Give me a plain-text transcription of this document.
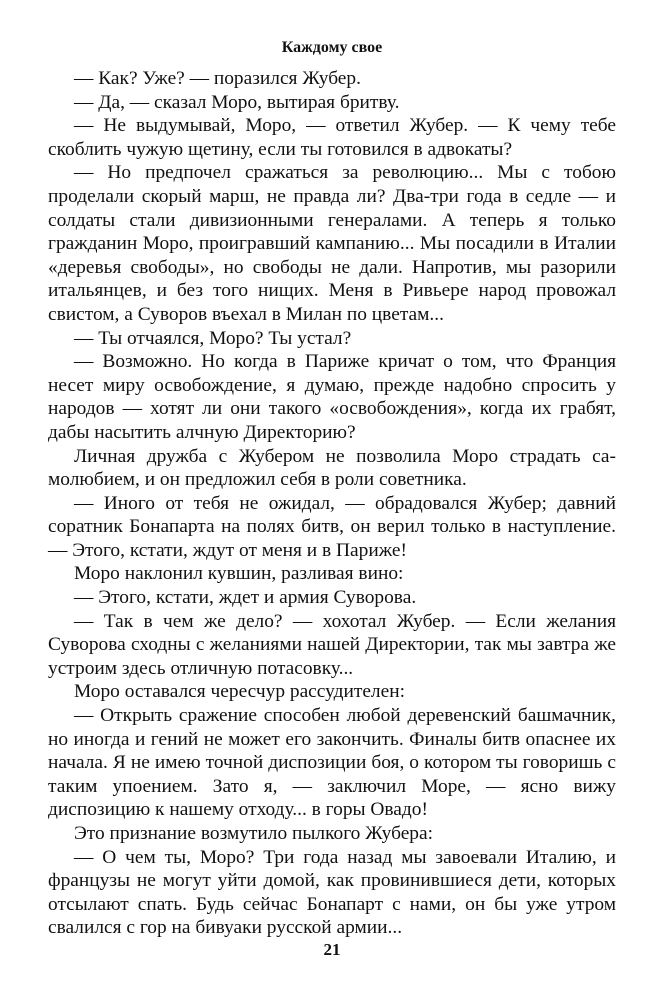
Каждому свое

— Как? Уже? — поразился Жубер.

— Да, — сказал Моро, вытирая бритву.

— Не выдумывай, Моро, — ответил Жубер. — К чему тебе скоблить чужую щетину, если ты готовился в адвокаты?

— Но предпочел сражаться за революцию... Мы с тобою проделали скорый марш, не правда ли? Два-три года в седле — и солдаты стали дивизионными генералами. А теперь я только гражданин Моро, проигравший кампанию... Мы посадили в Италии «деревья свободы», но свободы не дали. Напротив, мы разорили итальянцев, и без того нищих. Меня в Ривьере народ провожал свистом, а Суворов въехал в Милан по цветам...

— Ты отчаялся, Моро? Ты устал?

— Возможно. Но когда в Париже кричат о том, что Франция несет миру освобождение, я думаю, прежде надобно спросить у народов — хотят ли они такого «освобождения», когда их грабят, дабы насытить алчную Директорию?

Личная дружба с Жубером не позволила Моро страдать самолюбием, и он предложил себя в роли советника.

— Иного от тебя не ожидал, — обрадовался Жубер; давний соратник Бонапарта на полях битв, он верил только в наступление. — Этого, кстати, ждут от меня и в Париже!

Моро наклонил кувшин, разливая вино:

— Этого, кстати, ждет и армия Суворова.

— Так в чем же дело? — хохотал Жубер. — Если желания Суворова сходны с желаниями нашей Директории, так мы завтра же устроим здесь отличную потасовку...

Моро оставался чересчур рассудителен:

— Открыть сражение способен любой деревенский башмачник, но иногда и гений не может его закончить. Финалы битв опаснее их начала. Я не имею точной диспозиции боя, о котором ты говоришь с таким упоением. Зато я, — заключил Море, — ясно вижу диспозицию к нашему отходу... в горы Овадо!

Это признание возмутило пылкого Жубера:

— О чем ты, Моро? Три года назад мы завоевали Италию, и французы не могут уйти домой, как провинившиеся дети, которых отсылают спать. Будь сейчас Бонапарт с нами, он бы уже утром свалился с гор на бивуаки русской армии...

21
